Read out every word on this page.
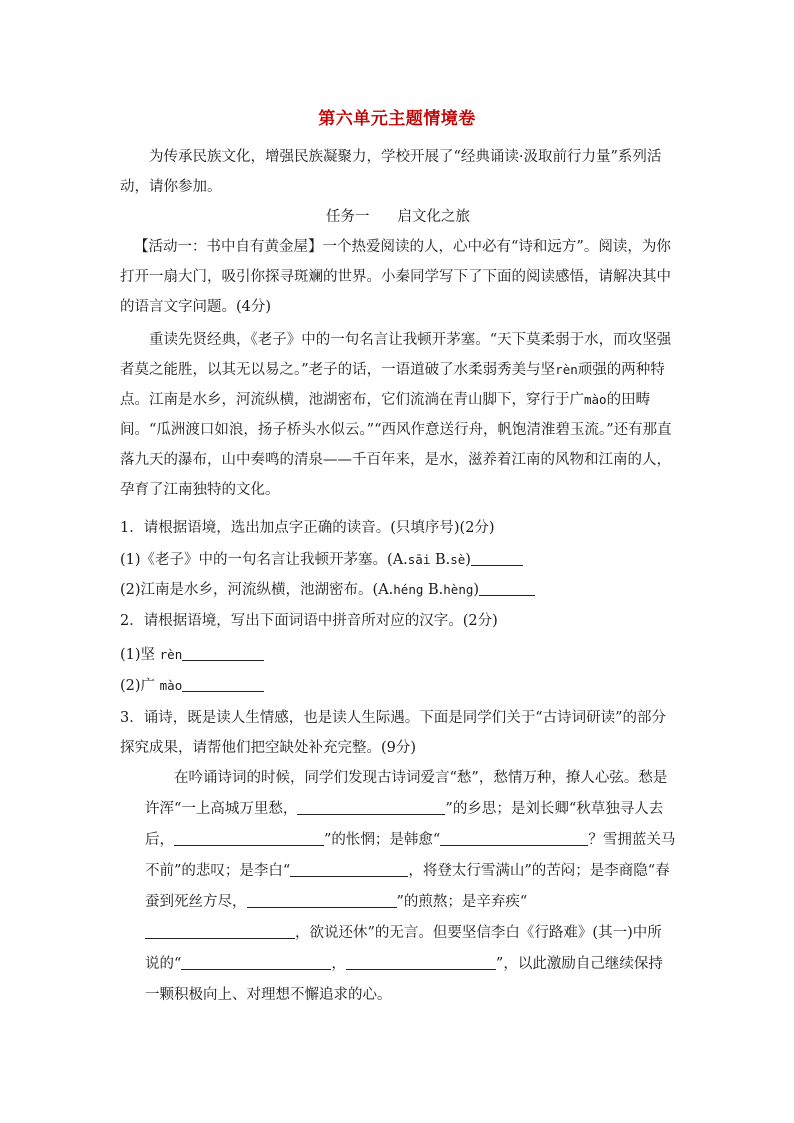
第六单元主题情境卷
为传承民族文化，增强民族凝聚力，学校开展了“经典诵读·汲取前行力量”系列活动，请你参加。
任务一 启文化之旅
【活动一：书中自有黄金屋】一个热爱阅读的人，心中必有“诗和远方”。阅读，为你打开一扇大门，吸引你探寻斑斓的世界。小秦同学写下了下面的阅读感悟，请解决其中的语言文字问题。(4分)
重读先贤经典，《老子》中的一句名言让我顿开茅塞。“天下莫柔弱于水，而攻坚强者莫之能胜，以其无以易之。”老子的话，一语道破了水柔弱秀美与坚rèn顽强的两种特点。江南是水乡，河流纵横，池湖密布，它们流淌在青山脚下，穿行于广mào的田畴间。“瓜洲渡口如浪，扬子桥头水似云。”“西风作意送行舟，帆饱清淮碧玉流。”还有那直落九天的瀑布，山中奏鸣的清泉——千百年来，是水，滋养着江南的风物和江南的人，孕育了江南独特的文化。
1．请根据语境，选出加点字正确的读音。(只填序号)(2分)
(1)《老子》中的一句名言让我顿开茅塞。(A.sāi B.sè)
(2)江南是水乡，河流纵横，池湖密布。(A.héng B.hèng)
2．请根据语境，写出下面词语中拼音所对应的汉字。(2分)
(1)坚 rèn
(2)广 mào
3．诵诗，既是读人生情感，也是读人生际遇。下面是同学们关于“古诗词研读”的部分探究成果，请帮他们把空缺处补充完整。(9分)

在吟诵诗词的时候，同学们发现古诗词爱言“愁”，愁情万种，撩人心弦。愁是许浑“一上高城万里愁，	”的乡思；是刘长卿“秋草独寻人去后，	”的怅惘；是韩愈“	？雪拥蓝关马不前”的悲叹；是李白“	，将登太行雪满山”的苦闷；是李商隐“春蚕到死丝方尽，	”的煎熬；是辛弃疾“，欲说还休”的无言。但要坚信李白《行路难》(其一)中所说的“	，	”，以此激励自己继续保持一颗积极向上、对理想不懈追求的心。
